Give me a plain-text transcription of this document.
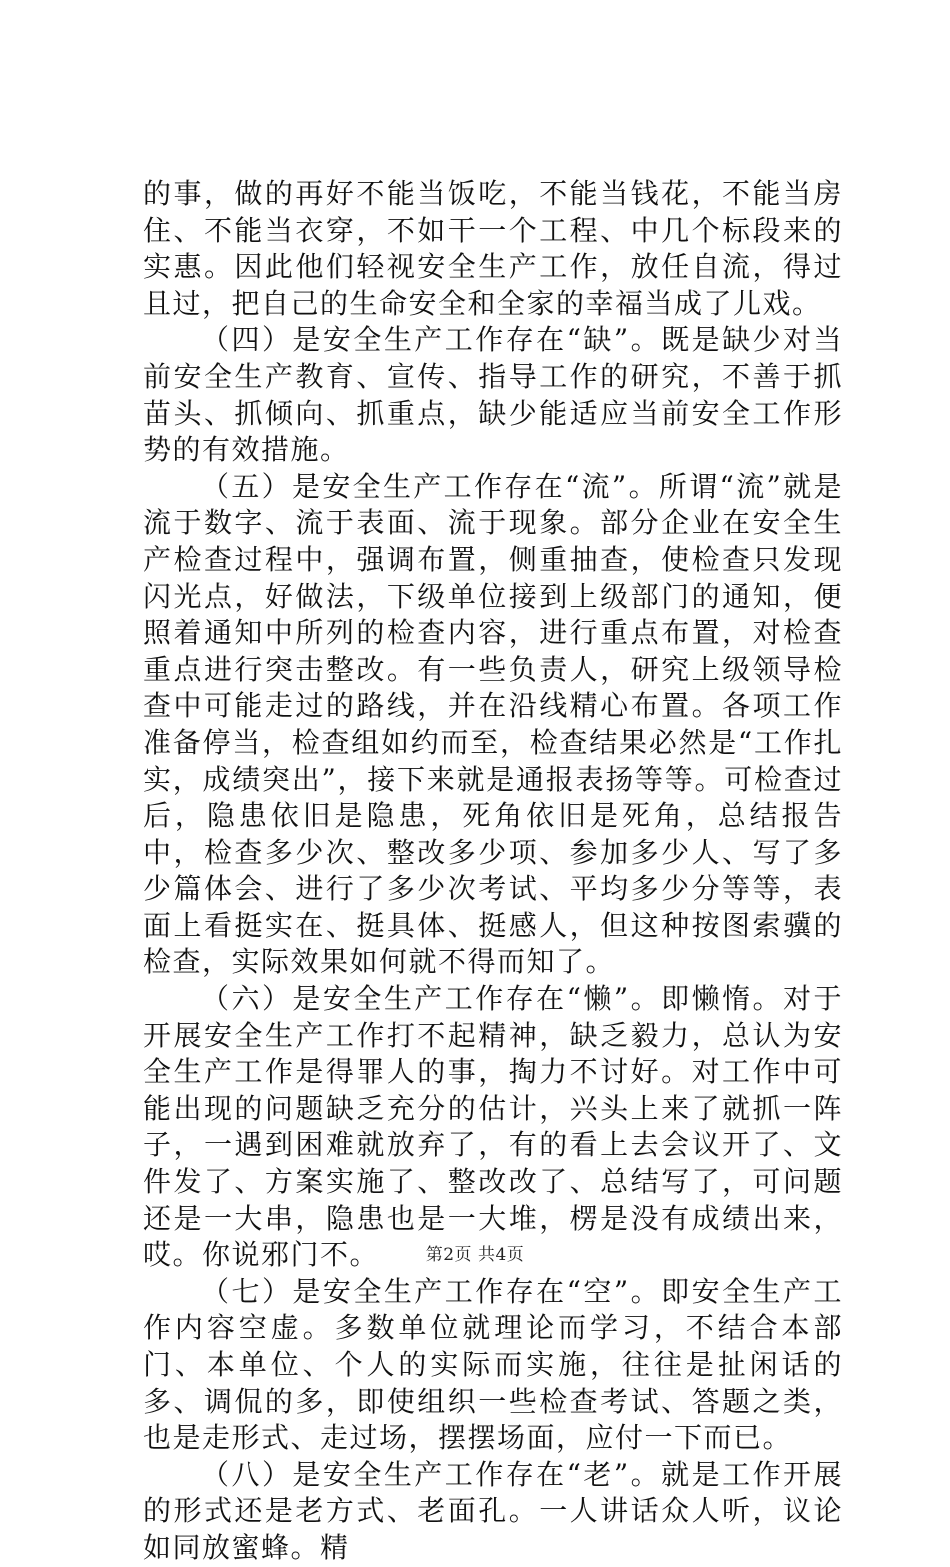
的事，做的再好不能当饭吃，不能当钱花，不能当房住、不能当衣穿，不如干一个工程、中几个标段来的实惠。因此他们轻视安全生产工作，放任自流，得过且过，把自己的生命安全和全家的幸福当成了儿戏。

（四）是安全生产工作存在“缺”。既是缺少对当前安全生产教育、宣传、指导工作的研究，不善于抓苗头、抓倾向、抓重点，缺少能适应当前安全工作形势的有效措施。

（五）是安全生产工作存在“流”。所谓“流”就是流于数字、流于表面、流于现象。部分企业在安全生产检查过程中，强调布置，侧重抽查，使检查只发现闪光点，好做法，下级单位接到上级部门的通知，便照着通知中所列的检查内容，进行重点布置，对检查重点进行突击整改。有一些负责人，研究上级领导检查中可能走过的路线，并在沿线精心布置。各项工作准备停当，检查组如约而至，检查结果必然是“工作扎实，成绩突出”，接下来就是通报表扬等等。可检查过后，隐患依旧是隐患，死角依旧是死角，总结报告中，检查多少次、整改多少项、参加多少人、写了多少篇体会、进行了多少次考试、平均多少分等等，表面上看挺实在、挺具体、挺感人，但这种按图索骥的检查，实际效果如何就不得而知了。

（六）是安全生产工作存在“懒”。即懒惰。对于开展安全生产工作打不起精神，缺乏毅力，总认为安全生产工作是得罪人的事，掏力不讨好。对工作中可能出现的问题缺乏充分的估计，兴头上来了就抓一阵子，一遇到困难就放弃了，有的看上去会议开了、文件发了、方案实施了、整改改了、总结写了，可问题还是一大串，隐患也是一大堆，楞是没有成绩出来，哎。你说邪门不。

（七）是安全生产工作存在“空”。即安全生产工作内容空虚。多数单位就理论而学习，不结合本部门、本单位、个人的实际而实施，往往是扯闲话的多、调侃的多，即使组织一些检查考试、答题之类，也是走形式、走过场，摆摆场面，应付一下而已。

（八）是安全生产工作存在“老”。就是工作开展的形式还是老方式、老面孔。一人讲话众人听，议论如同放蜜蜂。精

第2页 共4页
